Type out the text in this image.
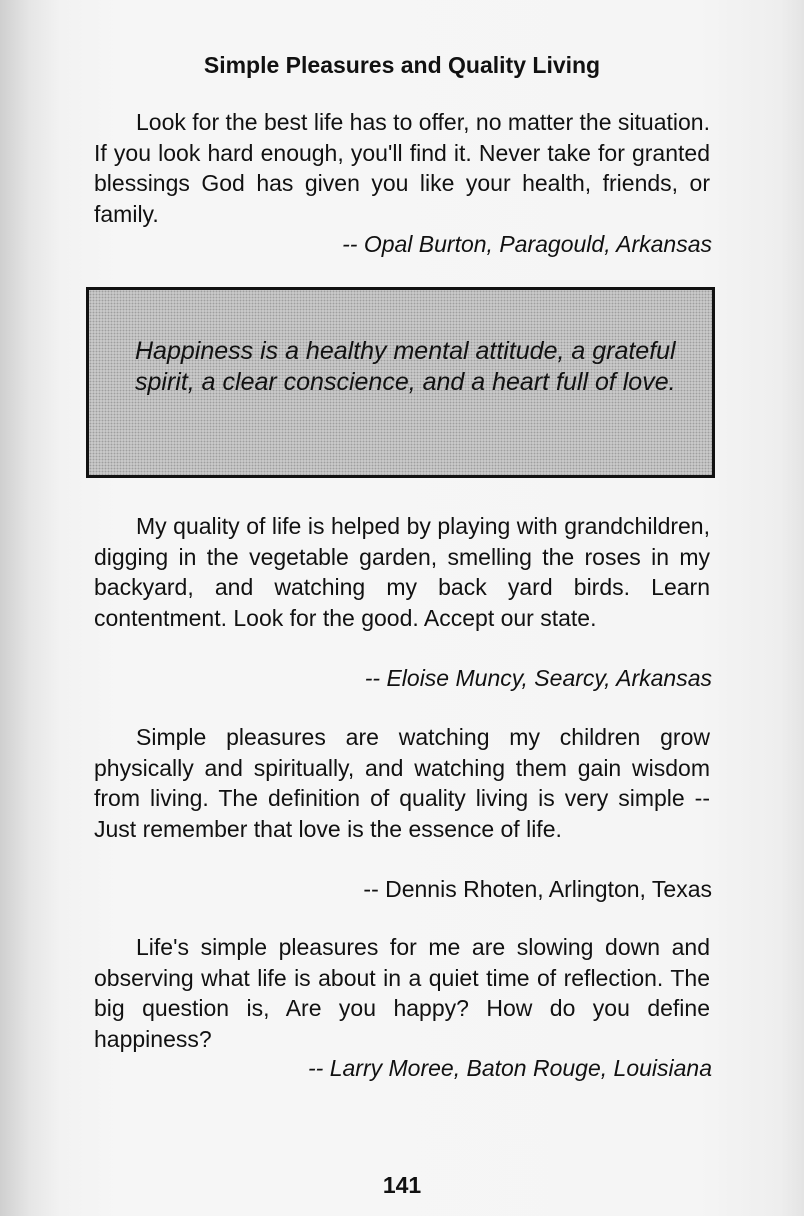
Simple Pleasures and Quality Living

Look for the best life has to offer, no matter the situation. If you look hard enough, you'll find it. Never take for granted blessings God has given you like your health, friends, or family.

-- Opal Burton, Paragould, Arkansas

Happiness is a healthy mental attitude, a grateful spirit, a clear conscience, and a heart full of love.

My quality of life is helped by playing with grandchildren, digging in the vegetable garden, smelling the roses in my backyard, and watching my back yard birds. Learn contentment. Look for the good. Accept our state.

-- Eloise Muncy, Searcy, Arkansas

Simple pleasures are watching my children grow physically and spiritually, and watching them gain wisdom from living. The definition of quality living is very simple -- Just remember that love is the essence of life.

-- Dennis Rhoten, Arlington, Texas

Life's simple pleasures for me are slowing down and observing what life is about in a quiet time of reflection. The big question is, Are you happy? How do you define happiness?

-- Larry Moree, Baton Rouge, Louisiana

141
